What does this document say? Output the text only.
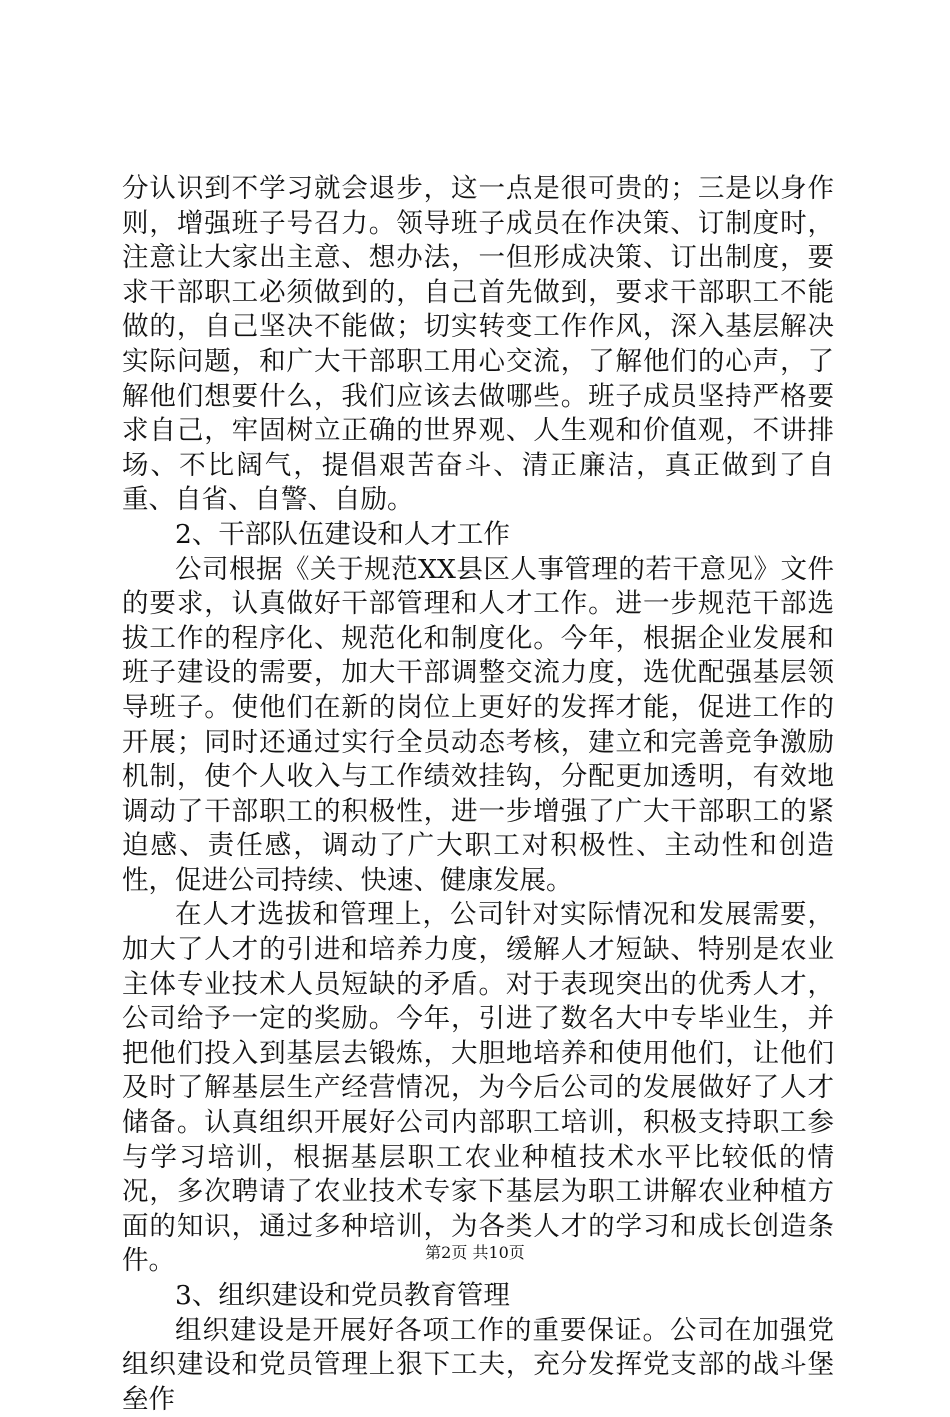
分认识到不学习就会退步，这一点是很可贵的；三是以身作则，增强班子号召力。领导班子成员在作决策、订制度时，注意让大家出主意、想办法，一但形成决策、订出制度，要求干部职工必须做到的，自己首先做到，要求干部职工不能做的，自己坚决不能做；切实转变工作作风，深入基层解决实际问题，和广大干部职工用心交流，了解他们的心声，了解他们想要什么，我们应该去做哪些。班子成员坚持严格要求自己，牢固树立正确的世界观、人生观和价值观，不讲排场、不比阔气，提倡艰苦奋斗、清正廉洁，真正做到了自重、自省、自警、自励。

2、干部队伍建设和人才工作

公司根据《关于规范XX县区人事管理的若干意见》文件的要求，认真做好干部管理和人才工作。进一步规范干部选拔工作的程序化、规范化和制度化。今年，根据企业发展和班子建设的需要，加大干部调整交流力度，选优配强基层领导班子。使他们在新的岗位上更好的发挥才能，促进工作的开展；同时还通过实行全员动态考核，建立和完善竞争激励机制，使个人收入与工作绩效挂钩，分配更加透明，有效地调动了干部职工的积极性，进一步增强了广大干部职工的紧迫感、责任感，调动了广大职工对积极性、主动性和创造性，促进公司持续、快速、健康发展。

在人才选拔和管理上，公司针对实际情况和发展需要，加大了人才的引进和培养力度，缓解人才短缺、特别是农业主体专业技术人员短缺的矛盾。对于表现突出的优秀人才，公司给予一定的奖励。今年，引进了数名大中专毕业生，并把他们投入到基层去锻炼，大胆地培养和使用他们，让他们及时了解基层生产经营情况，为今后公司的发展做好了人才储备。认真组织开展好公司内部职工培训，积极支持职工参与学习培训，根据基层职工农业种植技术水平比较低的情况，多次聘请了农业技术专家下基层为职工讲解农业种植方面的知识，通过多种培训，为各类人才的学习和成长创造条件。

3、组织建设和党员教育管理

组织建设是开展好各项工作的重要保证。公司在加强党组织建设和党员管理上狠下工夫，充分发挥党支部的战斗堡垒作

第2页 共10页
